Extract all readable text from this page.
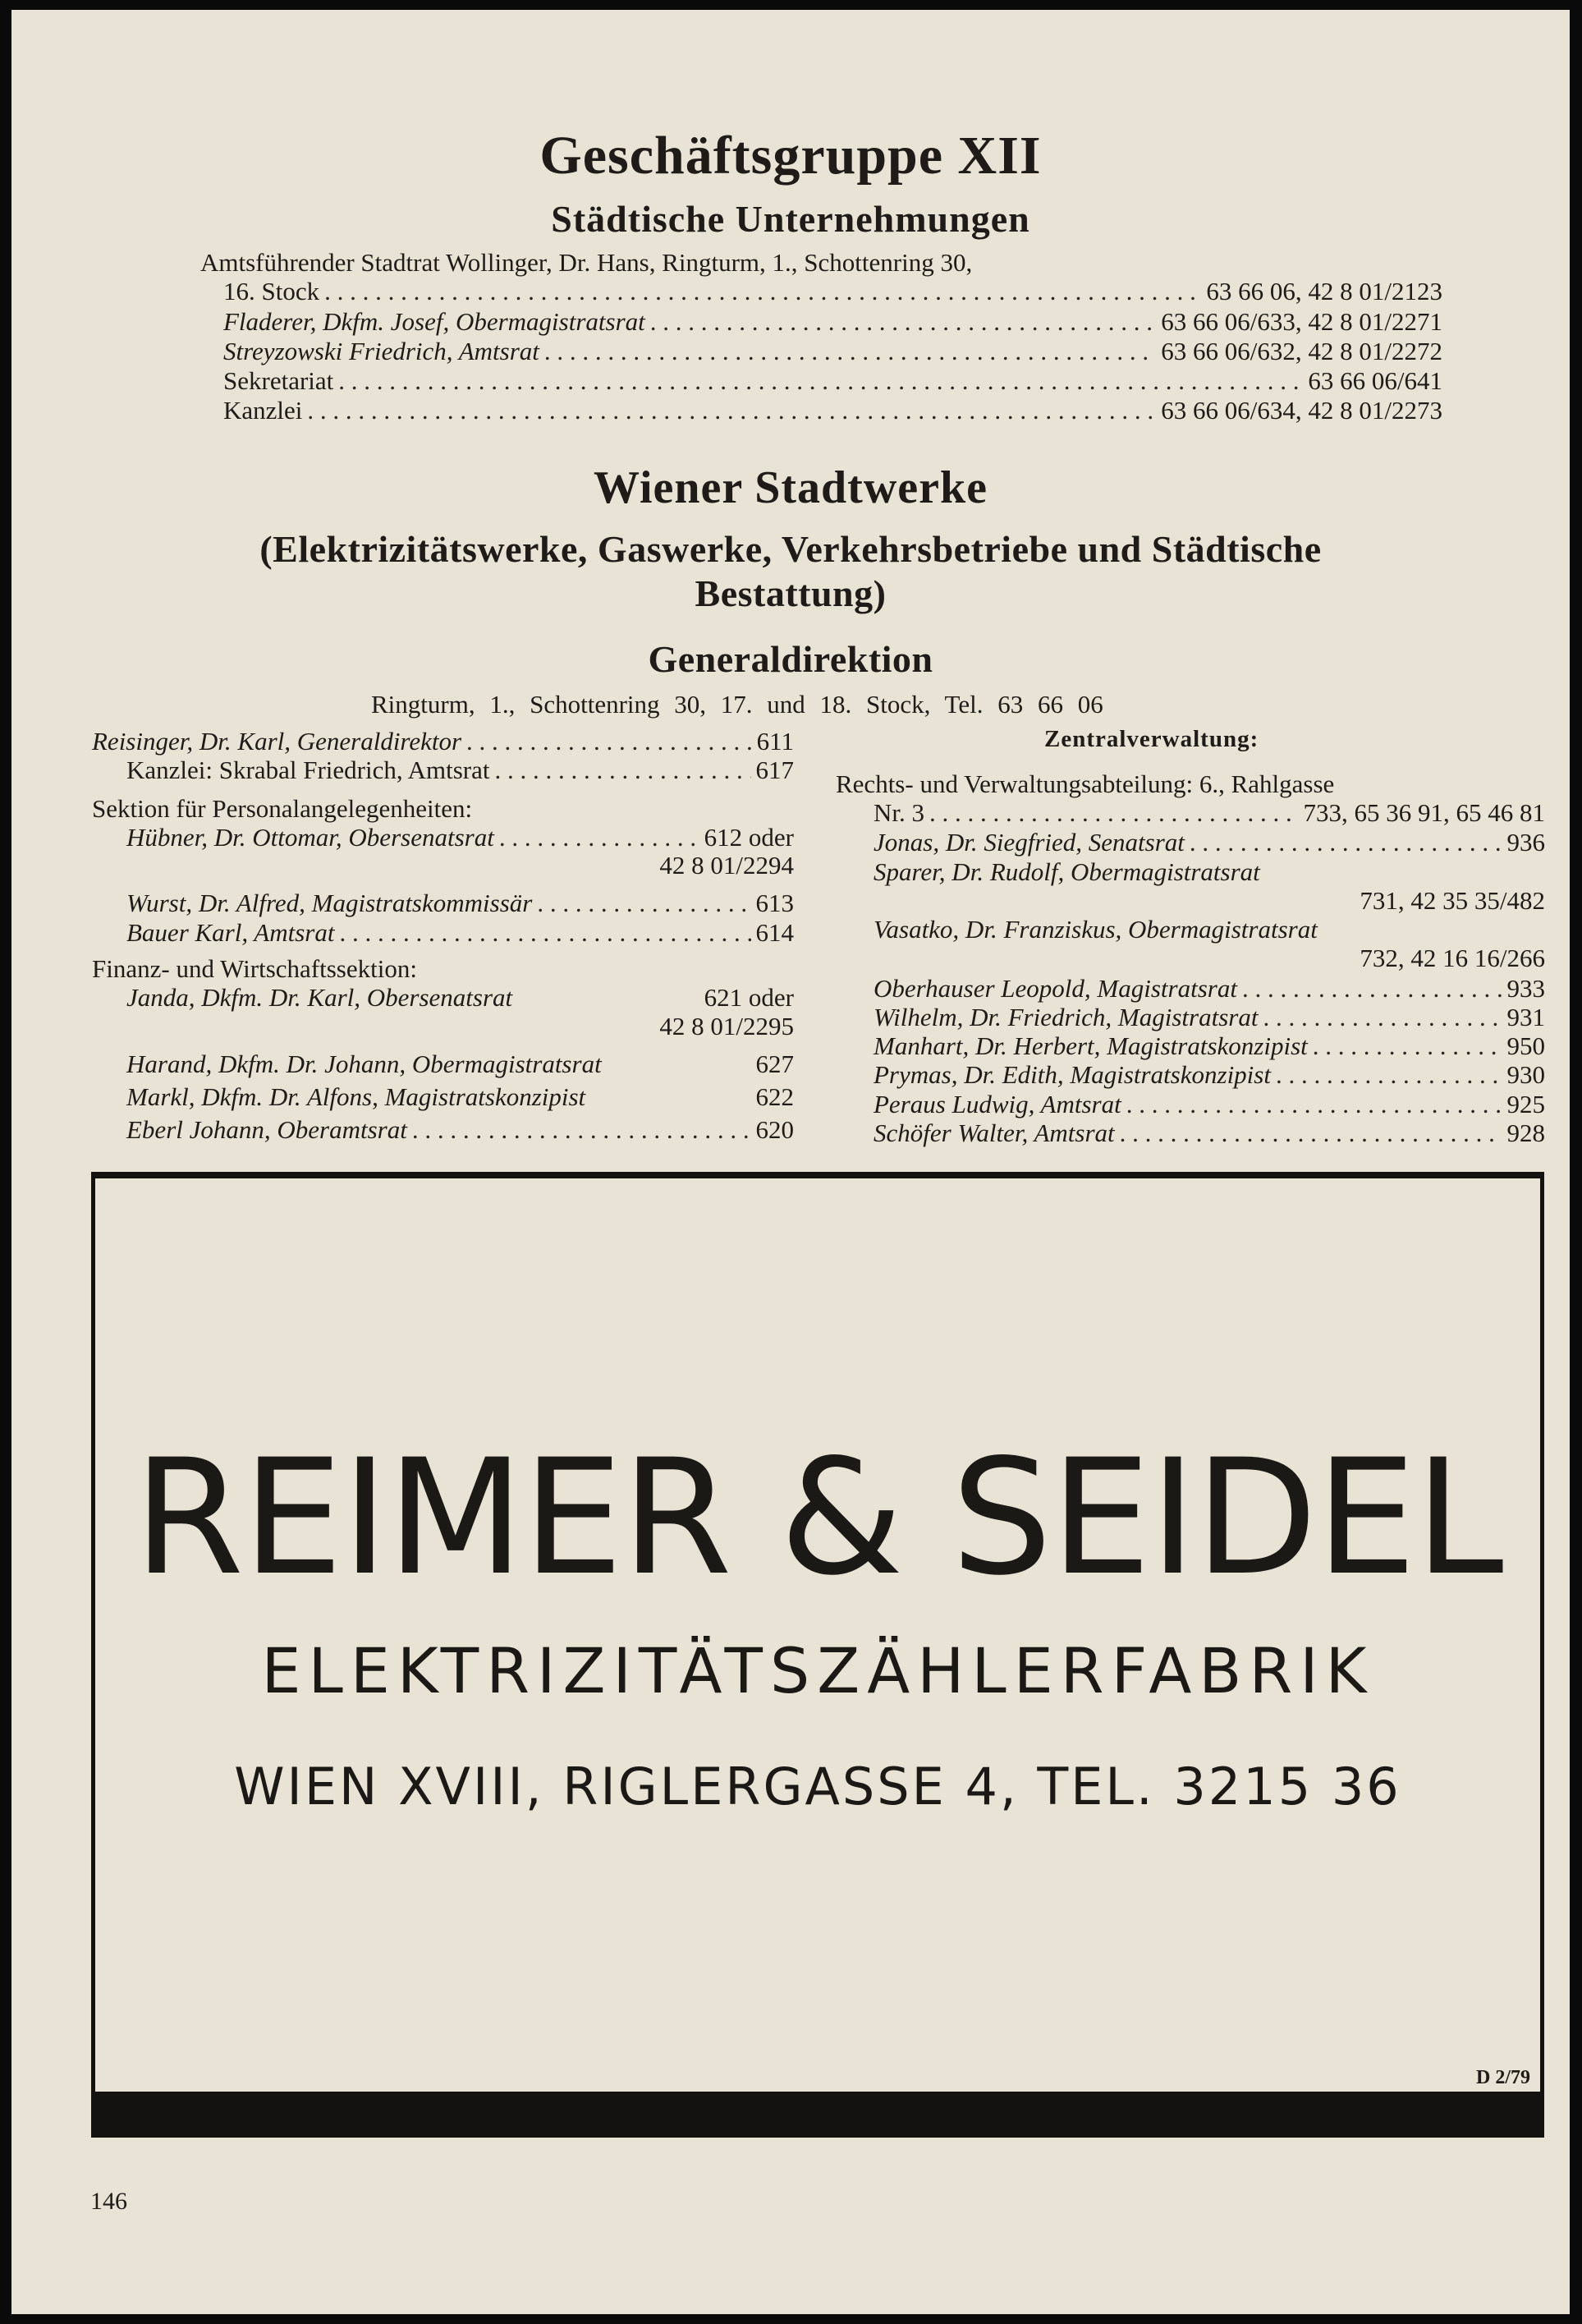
Geschäftsgruppe XII
Städtische Unternehmungen
Amtsführender Stadtrat Wollinger, Dr. Hans, Ringturm, 1., Schottenring 30,
16. Stock . . .	63 66 06, 42 8 01/2123
Fladerer, Dkfm. Josef, Obermagistratsrat . . .	63 66 06/633, 42 8 01/2271
Streyzowski Friedrich, Amtsrat . . .	63 66 06/632, 42 8 01/2272
Sekretariat . . .	63 66 06/641
Kanzlei . . .	63 66 06/634, 42 8 01/2273
Wiener Stadtwerke
(Elektrizitätswerke, Gaswerke, Verkehrsbetriebe und Städtische
Bestattung)
Generaldirektion
Ringturm, 1., Schottenring 30, 17. und 18. Stock, Tel. 63 66 06
Reisinger, Dr. Karl, Generaldirektor . . .	611
Kanzlei: Skrabal Friedrich, Amtsrat . . .	617
Sektion für Personalangelegenheiten:
Hübner, Dr. Ottomar, Obersenatsrat . . .	612 oder
42 8 01/2294
Wurst, Dr. Alfred, Magistratskommissär . . .	613
Bauer Karl, Amtsrat . . .	614
Finanz- und Wirtschaftssektion:
Janda, Dkfm. Dr. Karl, Obersenatsrat	621 oder
42 8 01/2295
Harand, Dkfm. Dr. Johann, Obermagistratsrat	627
Markl, Dkfm. Dr. Alfons, Magistratskonzipist	622
Eberl Johann, Oberamtsrat . . .	620
Zentralverwaltung:
Rechts- und Verwaltungsabteilung: 6., Rahlgasse
Nr. 3 . . .	733, 65 36 91, 65 46 81
Jonas, Dr. Siegfried, Senatsrat . . .	936
Sparer, Dr. Rudolf, Obermagistratsrat
731, 42 35 35/482
Vasatko, Dr. Franziskus, Obermagistratsrat
732, 42 16 16/266
Oberhauser Leopold, Magistratsrat . . .	933
Wilhelm, Dr. Friedrich, Magistratsrat . . .	931
Manhart, Dr. Herbert, Magistratskonzipist . . .	950
Prymas, Dr. Edith, Magistratskonzipist . . .	930
Peraus Ludwig, Amtsrat . . .	925
Schöfer Walter, Amtsrat . . .	928
REIMER & SEIDEL
ELEKTRIZITÄTSZÄHLERFABRIK
WIEN XVIII, RIGLERGASSE 4, TEL. 3215 36
D 2/79
146
